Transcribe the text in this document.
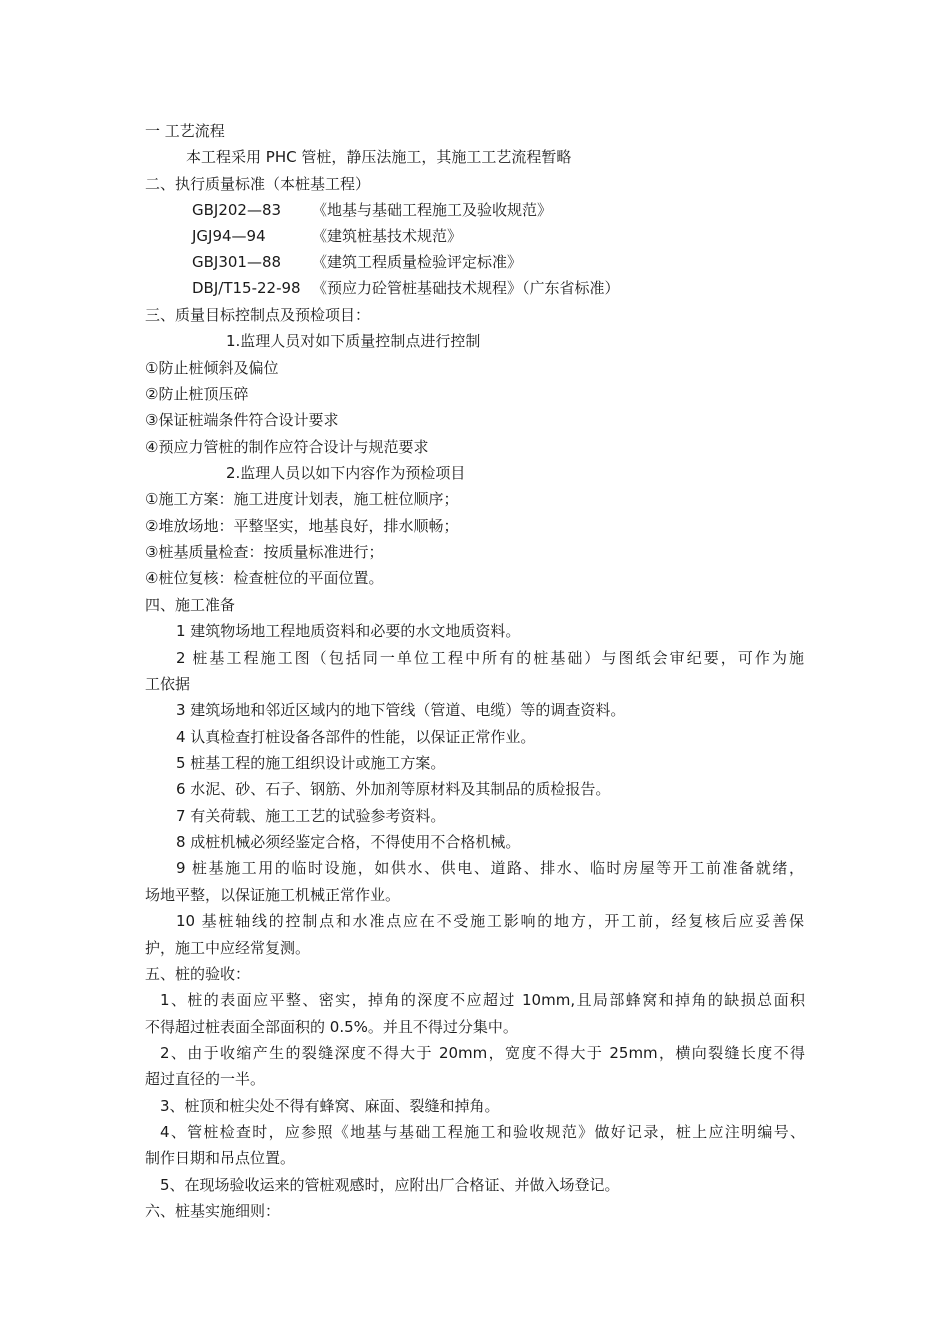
一 工艺流程
本工程采用 PHC 管桩，静压法施工，其施工工艺流程暂略
二、执行质量标准（本桩基工程）
GBJ202—83 《地基与基础工程施工及验收规范》
JGJ94—94	《建筑桩基技术规范》
GBJ301—88 《建筑工程质量检验评定标准》
DBJ/T15-22-98 《预应力砼管桩基础技术规程》（广东省标准）
三、质量目标控制点及预检项目：
1.监理人员对如下质量控制点进行控制
①防止桩倾斜及偏位
②防止桩顶压碎
③保证桩端条件符合设计要求
④预应力管桩的制作应符合设计与规范要求
2.监理人员以如下内容作为预检项目
①施工方案：施工进度计划表，施工桩位顺序；
②堆放场地：平整坚实，地基良好，排水顺畅；
③桩基质量检查：按质量标准进行；
④桩位复核：检查桩位的平面位置。
四、施工准备
1 建筑物场地工程地质资料和必要的水文地质资料。
2 桩基工程施工图（包括同一单位工程中所有的桩基础）与图纸会审纪要，可作为施
工依据
3 建筑场地和邻近区域内的地下管线（管道、电缆）等的调查资料。
4 认真检查打桩设备各部件的性能，以保证正常作业。
5 桩基工程的施工组织设计或施工方案。
6 水泥、砂、石子、钢筋、外加剂等原材料及其制品的质检报告。
7 有关荷载、施工工艺的试验参考资料。
8 成桩机械必须经鉴定合格，不得使用不合格机械。
9 桩基施工用的临时设施，如供水、供电、道路、排水、临时房屋等开工前准备就绪，
场地平整，以保证施工机械正常作业。
10 基桩轴线的控制点和水准点应在不受施工影响的地方，开工前，经复核后应妥善保
护，施工中应经常复测。
五、桩的验收：
1、桩的表面应平整、密实，掉角的深度不应超过 10mm,且局部蜂窝和掉角的缺损总面积
不得超过桩表面全部面积的 0.5%。并且不得过分集中。
2、由于收缩产生的裂缝深度不得大于 20mm，宽度不得大于 25mm，横向裂缝长度不得
超过直径的一半。
3、桩顶和桩尖处不得有蜂窝、麻面、裂缝和掉角。
4、管桩检查时，应参照《地基与基础工程施工和验收规范》做好记录，桩上应注明编号、
制作日期和吊点位置。
5、在现场验收运来的管桩观感时，应附出厂合格证、并做入场登记。
六、桩基实施细则：
